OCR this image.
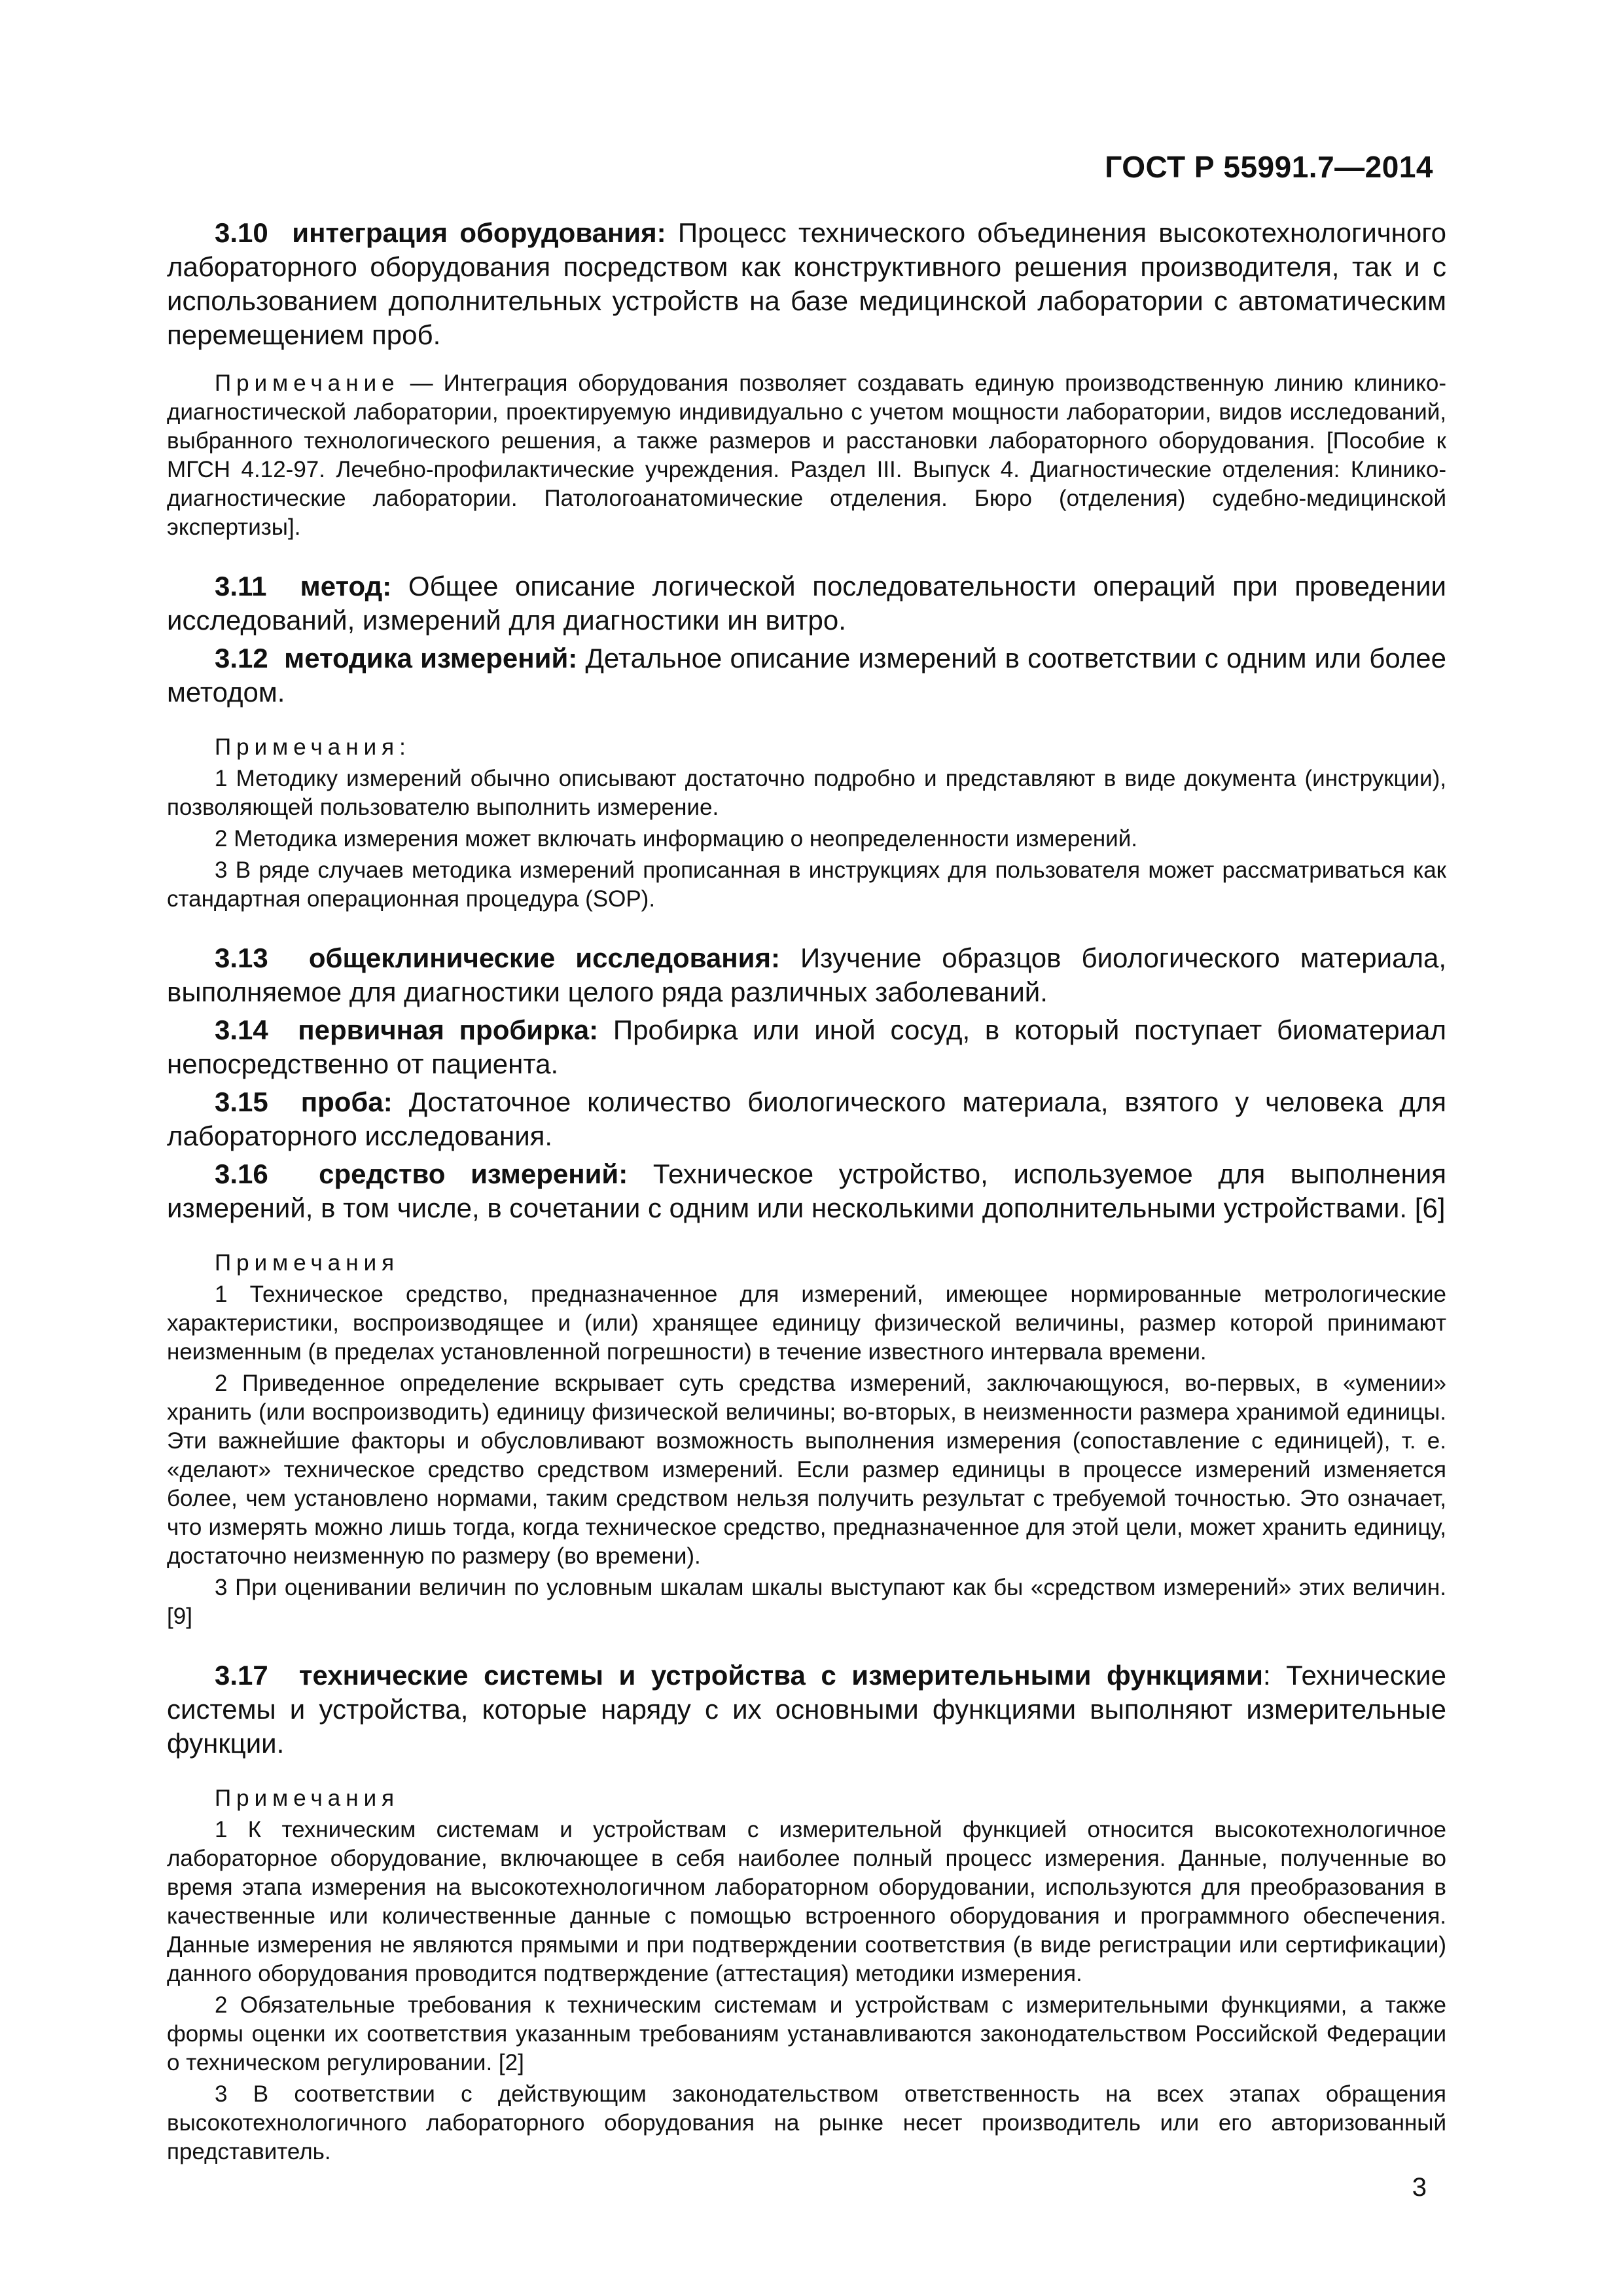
ГОСТ Р 55991.7—2014

3.10 интеграция оборудования: Процесс технического объединения высокотехнологичного лабораторного оборудования посредством как конструктивного решения производителя, так и с использованием дополнительных устройств на базе медицинской лаборатории с автоматическим перемещением проб.

Примечание — Интеграция оборудования позволяет создавать единую производственную линию клинико-диагностической лаборатории, проектируемую индивидуально с учетом мощности лаборатории, видов исследований, выбранного технологического решения, а также размеров и расстановки лабораторного оборудования. [Пособие к МГСН 4.12-97. Лечебно-профилактические учреждения. Раздел III. Выпуск 4. Диагностические отделения: Клинико-диагностические лаборатории. Патологоанатомические отделения. Бюро (отделения) судебно-медицинской экспертизы].

3.11 метод: Общее описание логической последовательности операций при проведении исследований, измерений для диагностики ин витро.

3.12 методика измерений: Детальное описание измерений в соответствии с одним или более методом.

Примечания:

1 Методику измерений обычно описывают достаточно подробно и представляют в виде документа (инструкции), позволяющей пользователю выполнить измерение.

2 Методика измерения может включать информацию о неопределенности измерений.

3 В ряде случаев методика измерений прописанная в инструкциях для пользователя может рассматриваться как стандартная операционная процедура (SOP).

3.13 общеклинические исследования: Изучение образцов биологического материала, выполняемое для диагностики целого ряда различных заболеваний.

3.14 первичная пробирка: Пробирка или иной сосуд, в который поступает биоматериал непосредственно от пациента.

3.15 проба: Достаточное количество биологического материала, взятого у человека для лабораторного исследования.

3.16 средство измерений: Техническое устройство, используемое для выполнения измерений, в том числе, в сочетании с одним или несколькими дополнительными устройствами. [6]

Примечания

1 Техническое средство, предназначенное для измерений, имеющее нормированные метрологические характеристики, воспроизводящее и (или) хранящее единицу физической величины, размер которой принимают неизменным (в пределах установленной погрешности) в течение известного интервала времени.

2 Приведенное определение вскрывает суть средства измерений, заключающуюся, во-первых, в «умении» хранить (или воспроизводить) единицу физической величины; во-вторых, в неизменности размера хранимой единицы. Эти важнейшие факторы и обусловливают возможность выполнения измерения (сопоставление с единицей), т. е. «делают» техническое средство средством измерений. Если размер единицы в процессе измерений изменяется более, чем установлено нормами, таким средством нельзя получить результат с требуемой точностью. Это означает, что измерять можно лишь тогда, когда техническое средство, предназначенное для этой цели, может хранить единицу, достаточно неизменную по размеру (во времени).

3 При оценивании величин по условным шкалам шкалы выступают как бы «средством измерений» этих величин. [9]

3.17 технические системы и устройства с измерительными функциями: Технические системы и устройства, которые наряду с их основными функциями выполняют измерительные функции.

Примечания

1 К техническим системам и устройствам с измерительной функцией относится высокотехнологичное лабораторное оборудование, включающее в себя наиболее полный процесс измерения. Данные, полученные во время этапа измерения на высокотехнологичном лабораторном оборудовании, используются для преобразования в качественные или количественные данные с помощью встроенного оборудования и программного обеспечения. Данные измерения не являются прямыми и при подтверждении соответствия (в виде регистрации или сертификации) данного оборудования проводится подтверждение (аттестация) методики измерения.

2 Обязательные требования к техническим системам и устройствам с измерительными функциями, а также формы оценки их соответствия указанным требованиям устанавливаются законодательством Российской Федерации о техническом регулировании. [2]

3 В соответствии с действующим законодательством ответственность на всех этапах обращения высокотехнологичного лабораторного оборудования на рынке несет производитель или его авторизованный представитель.

3
